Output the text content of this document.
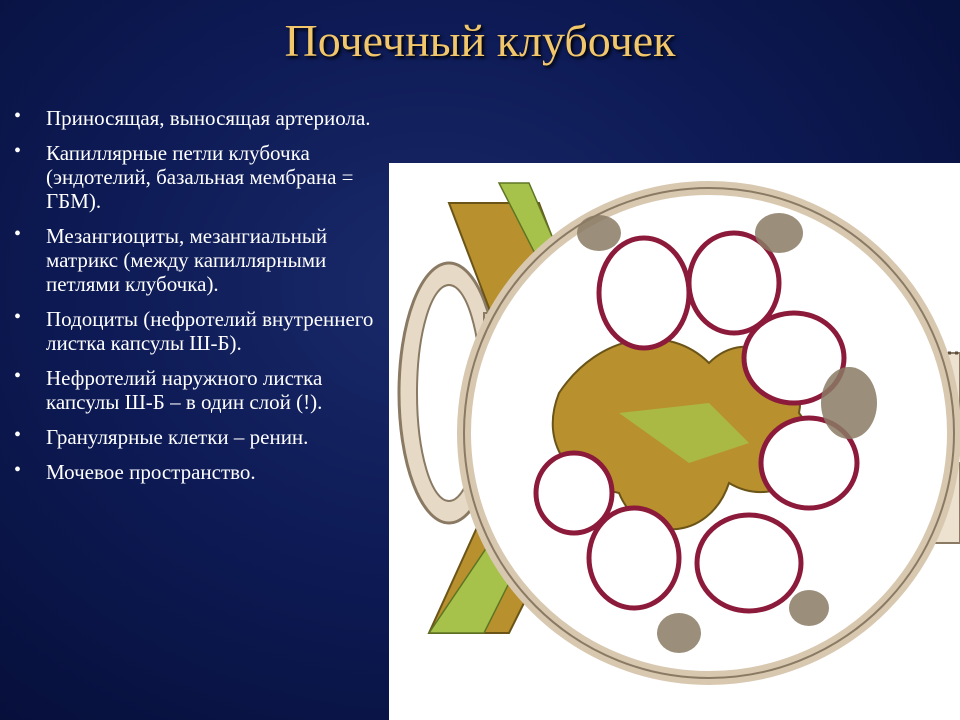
Почечный клубочек
• Приносящая, выносящая артериола.
• Капиллярные петли клубочка (эндотелий, базальная мембрана = ГБМ).
• Мезангиоциты, мезангиальный матрикс (между капиллярными петлями клубочка).
• Подоциты (нефротелий внутреннего листка капсулы Ш-Б).
• Нефротелий наружного листка капсулы Ш-Б – в один слой (!).
• Гранулярные клетки – ренин.
• Мочевое пространство.
